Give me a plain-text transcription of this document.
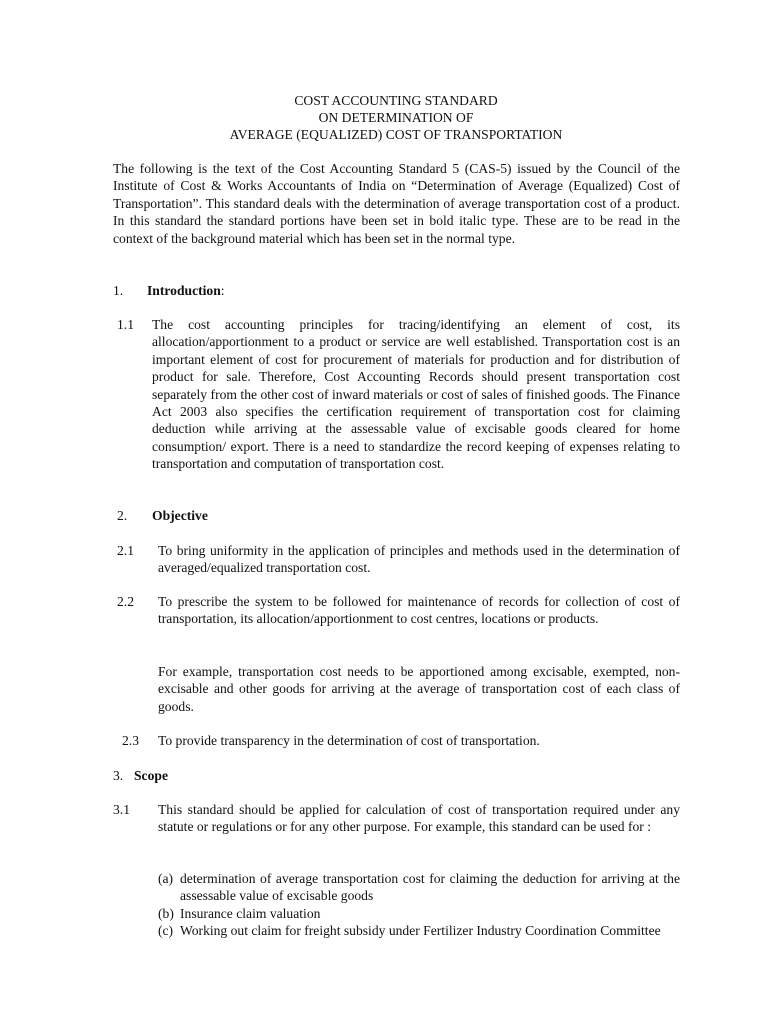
COST ACCOUNTING STANDARD
ON DETERMINATION OF
AVERAGE (EQUALIZED) COST OF TRANSPORTATION

The following is the text of the Cost Accounting Standard 5 (CAS-5) issued by the Council of the Institute of Cost & Works Accountants of India on “Determination of Average (Equalized) Cost of Transportation”. This standard deals with the determination of average transportation cost of a product. In this standard the standard portions have been set in bold italic type. These are to be read in the context of the background material which has been set in the normal type.

1. Introduction:
1.1 The cost accounting principles for tracing/identifying an element of cost, its allocation/apportionment to a product or service are well established. Transportation cost is an important element of cost for procurement of materials for production and for distribution of product for sale. Therefore, Cost Accounting Records should present transportation cost separately from the other cost of inward materials or cost of sales of finished goods. The Finance Act 2003 also specifies the certification requirement of transportation cost for claiming deduction while arriving at the assessable value of excisable goods cleared for home consumption/ export. There is a need to standardize the record keeping of expenses relating to transportation and computation of transportation cost.

2. Objective
2.1 To bring uniformity in the application of principles and methods used in the determination of averaged/equalized transportation cost.

2.2 To prescribe the system to be followed for maintenance of records for collection of cost of transportation, its allocation/apportionment to cost centres, locations or products.

For example, transportation cost needs to be apportioned among excisable, exempted, non-excisable and other goods for arriving at the average of transportation cost of each class of goods.

2.3 To provide transparency in the determination of cost of transportation.

3. Scope
3.1 This standard should be applied for calculation of cost of transportation required under any statute or regulations or for any other purpose. For example, this standard can be used for :

(a) determination of average transportation cost for claiming the deduction for arriving at the assessable value of excisable goods

(b) Insurance claim valuation

(c) Working out claim for freight subsidy under Fertilizer Industry Coordination Committee
